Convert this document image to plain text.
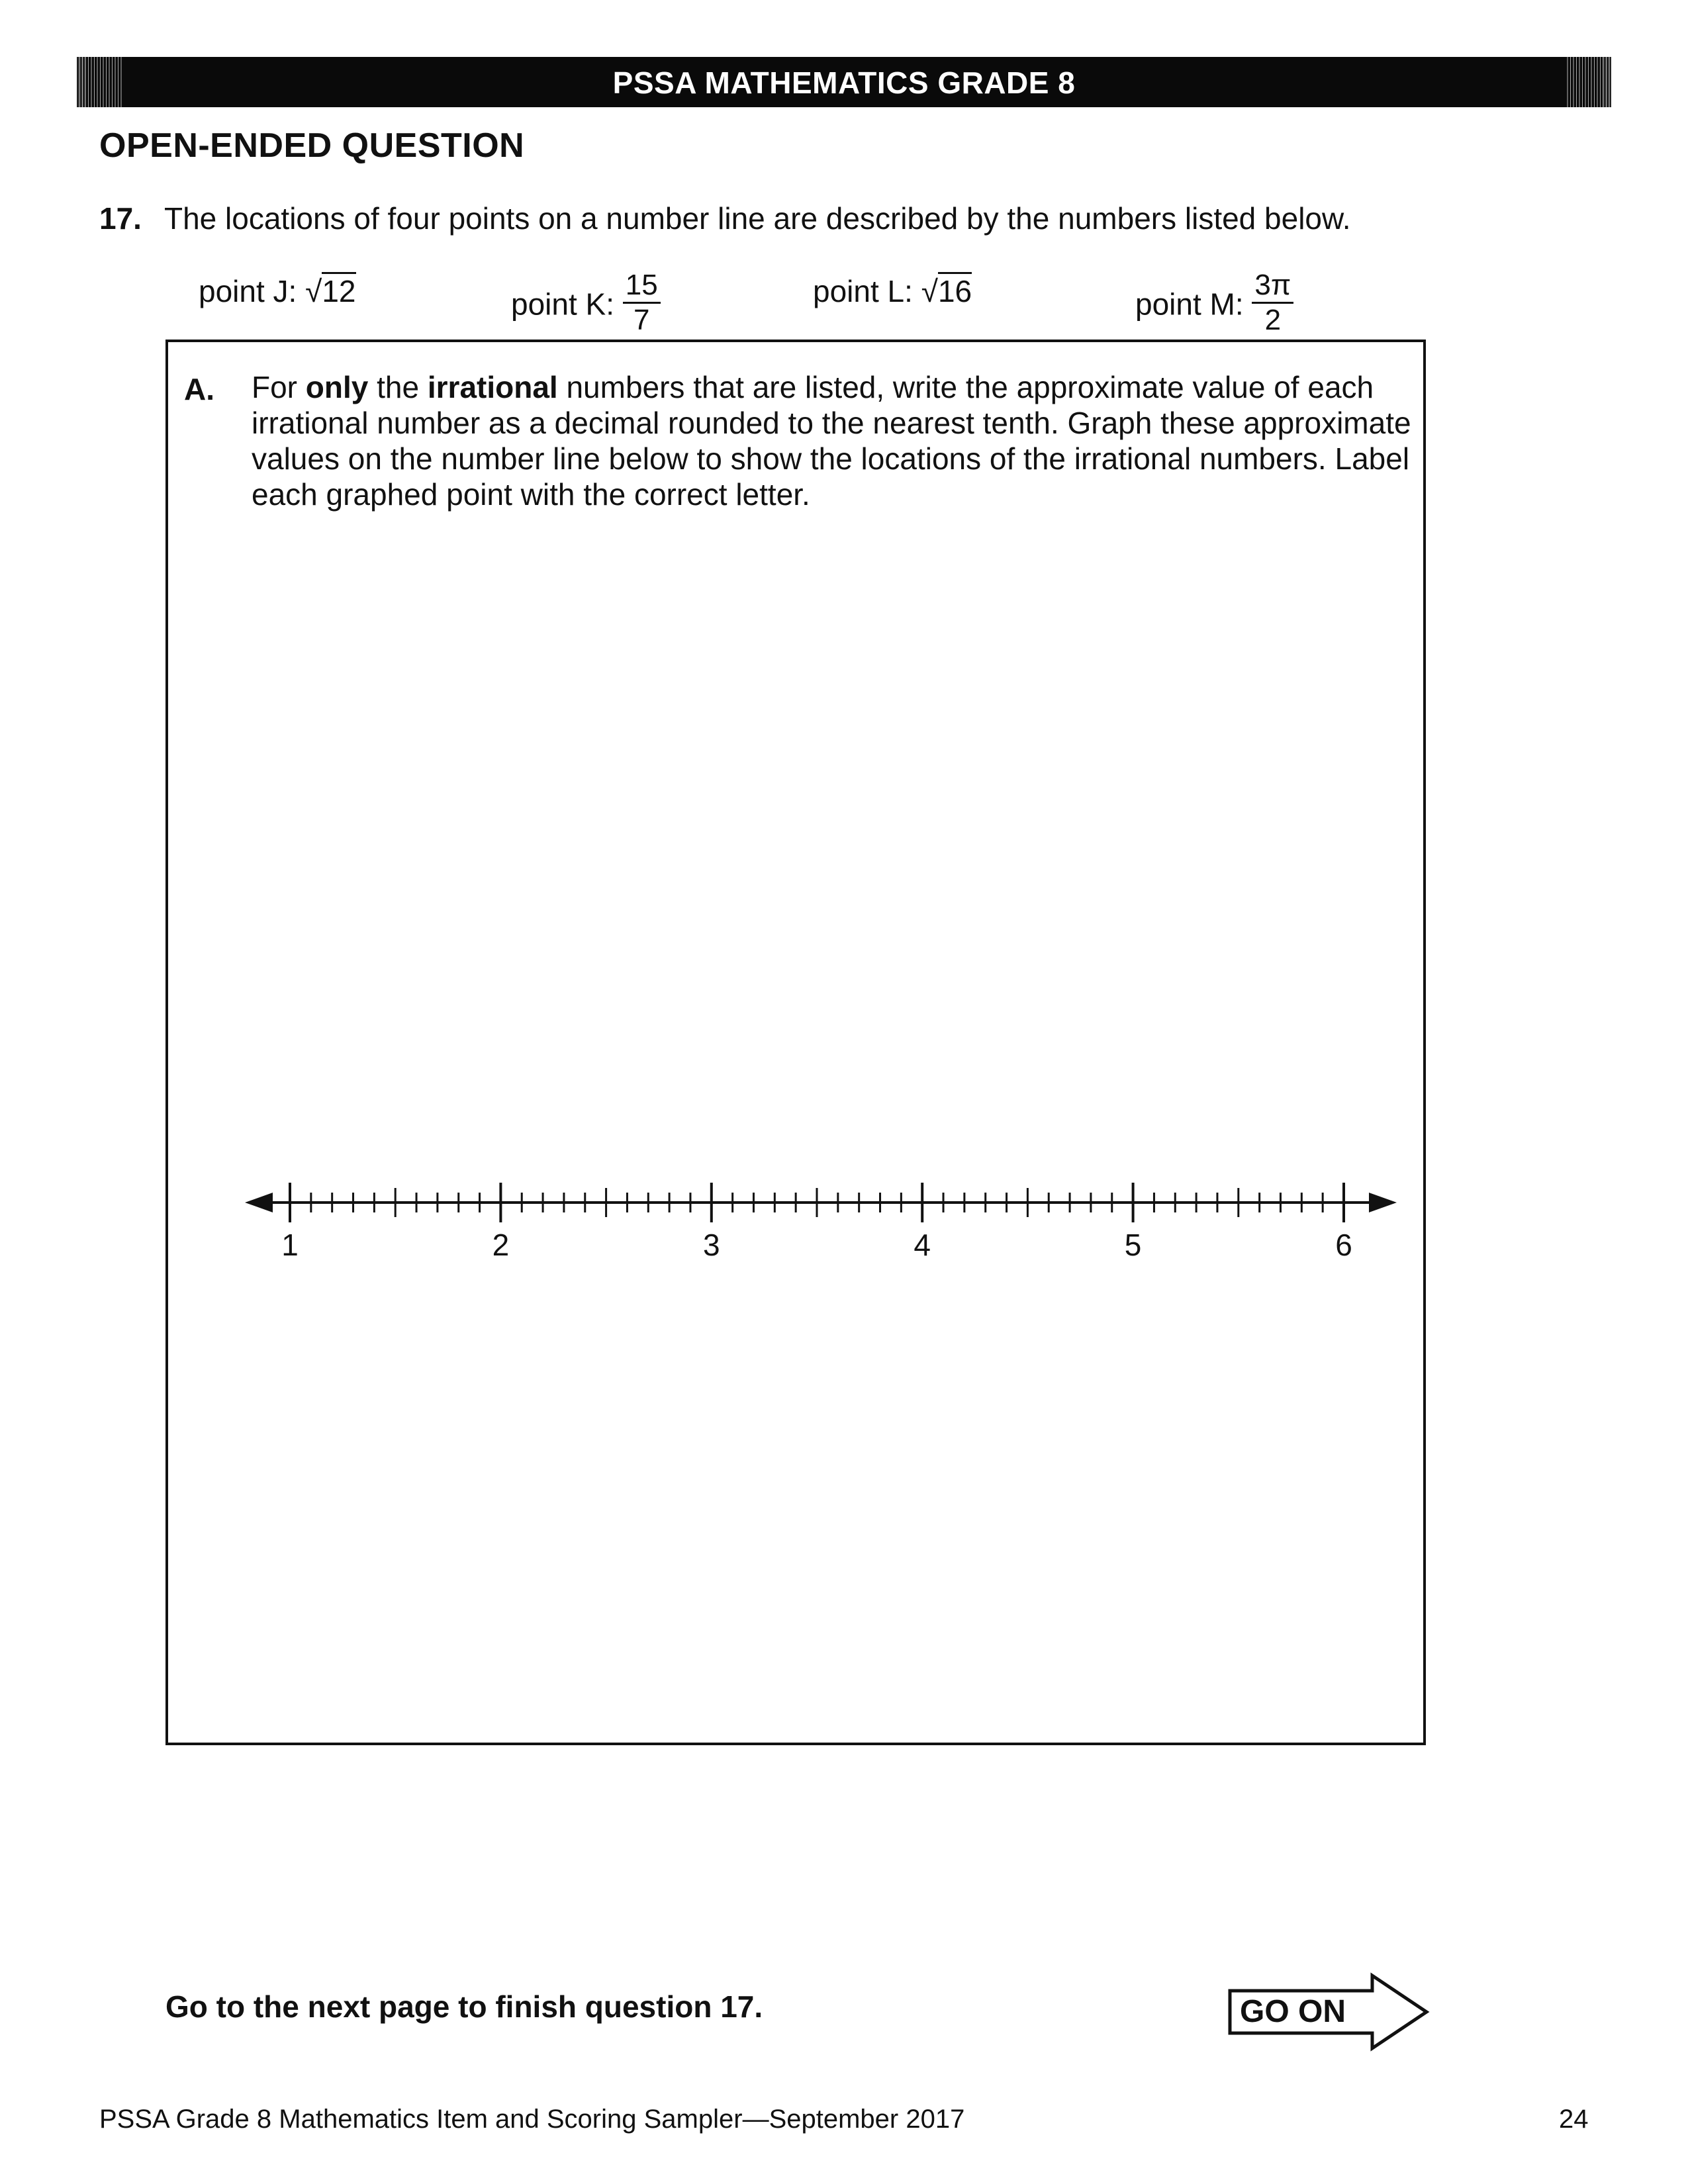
PSSA MATHEMATICS GRADE 8
OPEN-ENDED QUESTION
17. The locations of four points on a number line are described by the numbers listed below.
point J: √12	point K: $\frac{15}{7}$	point L: √16	point M: $\frac{3\pi}{2}$
A. For only the irrational numbers that are listed, write the approximate value of each irrational number as a decimal rounded to the nearest tenth. Graph these approximate values on the number line below to show the locations of the irrational numbers. Label each graphed point with the correct letter.
1	2	3	4	5	6
Go to the next page to finish question 17.	GO ON
PSSA Grade 8 Mathematics Item and Scoring Sampler—September 2017	24
